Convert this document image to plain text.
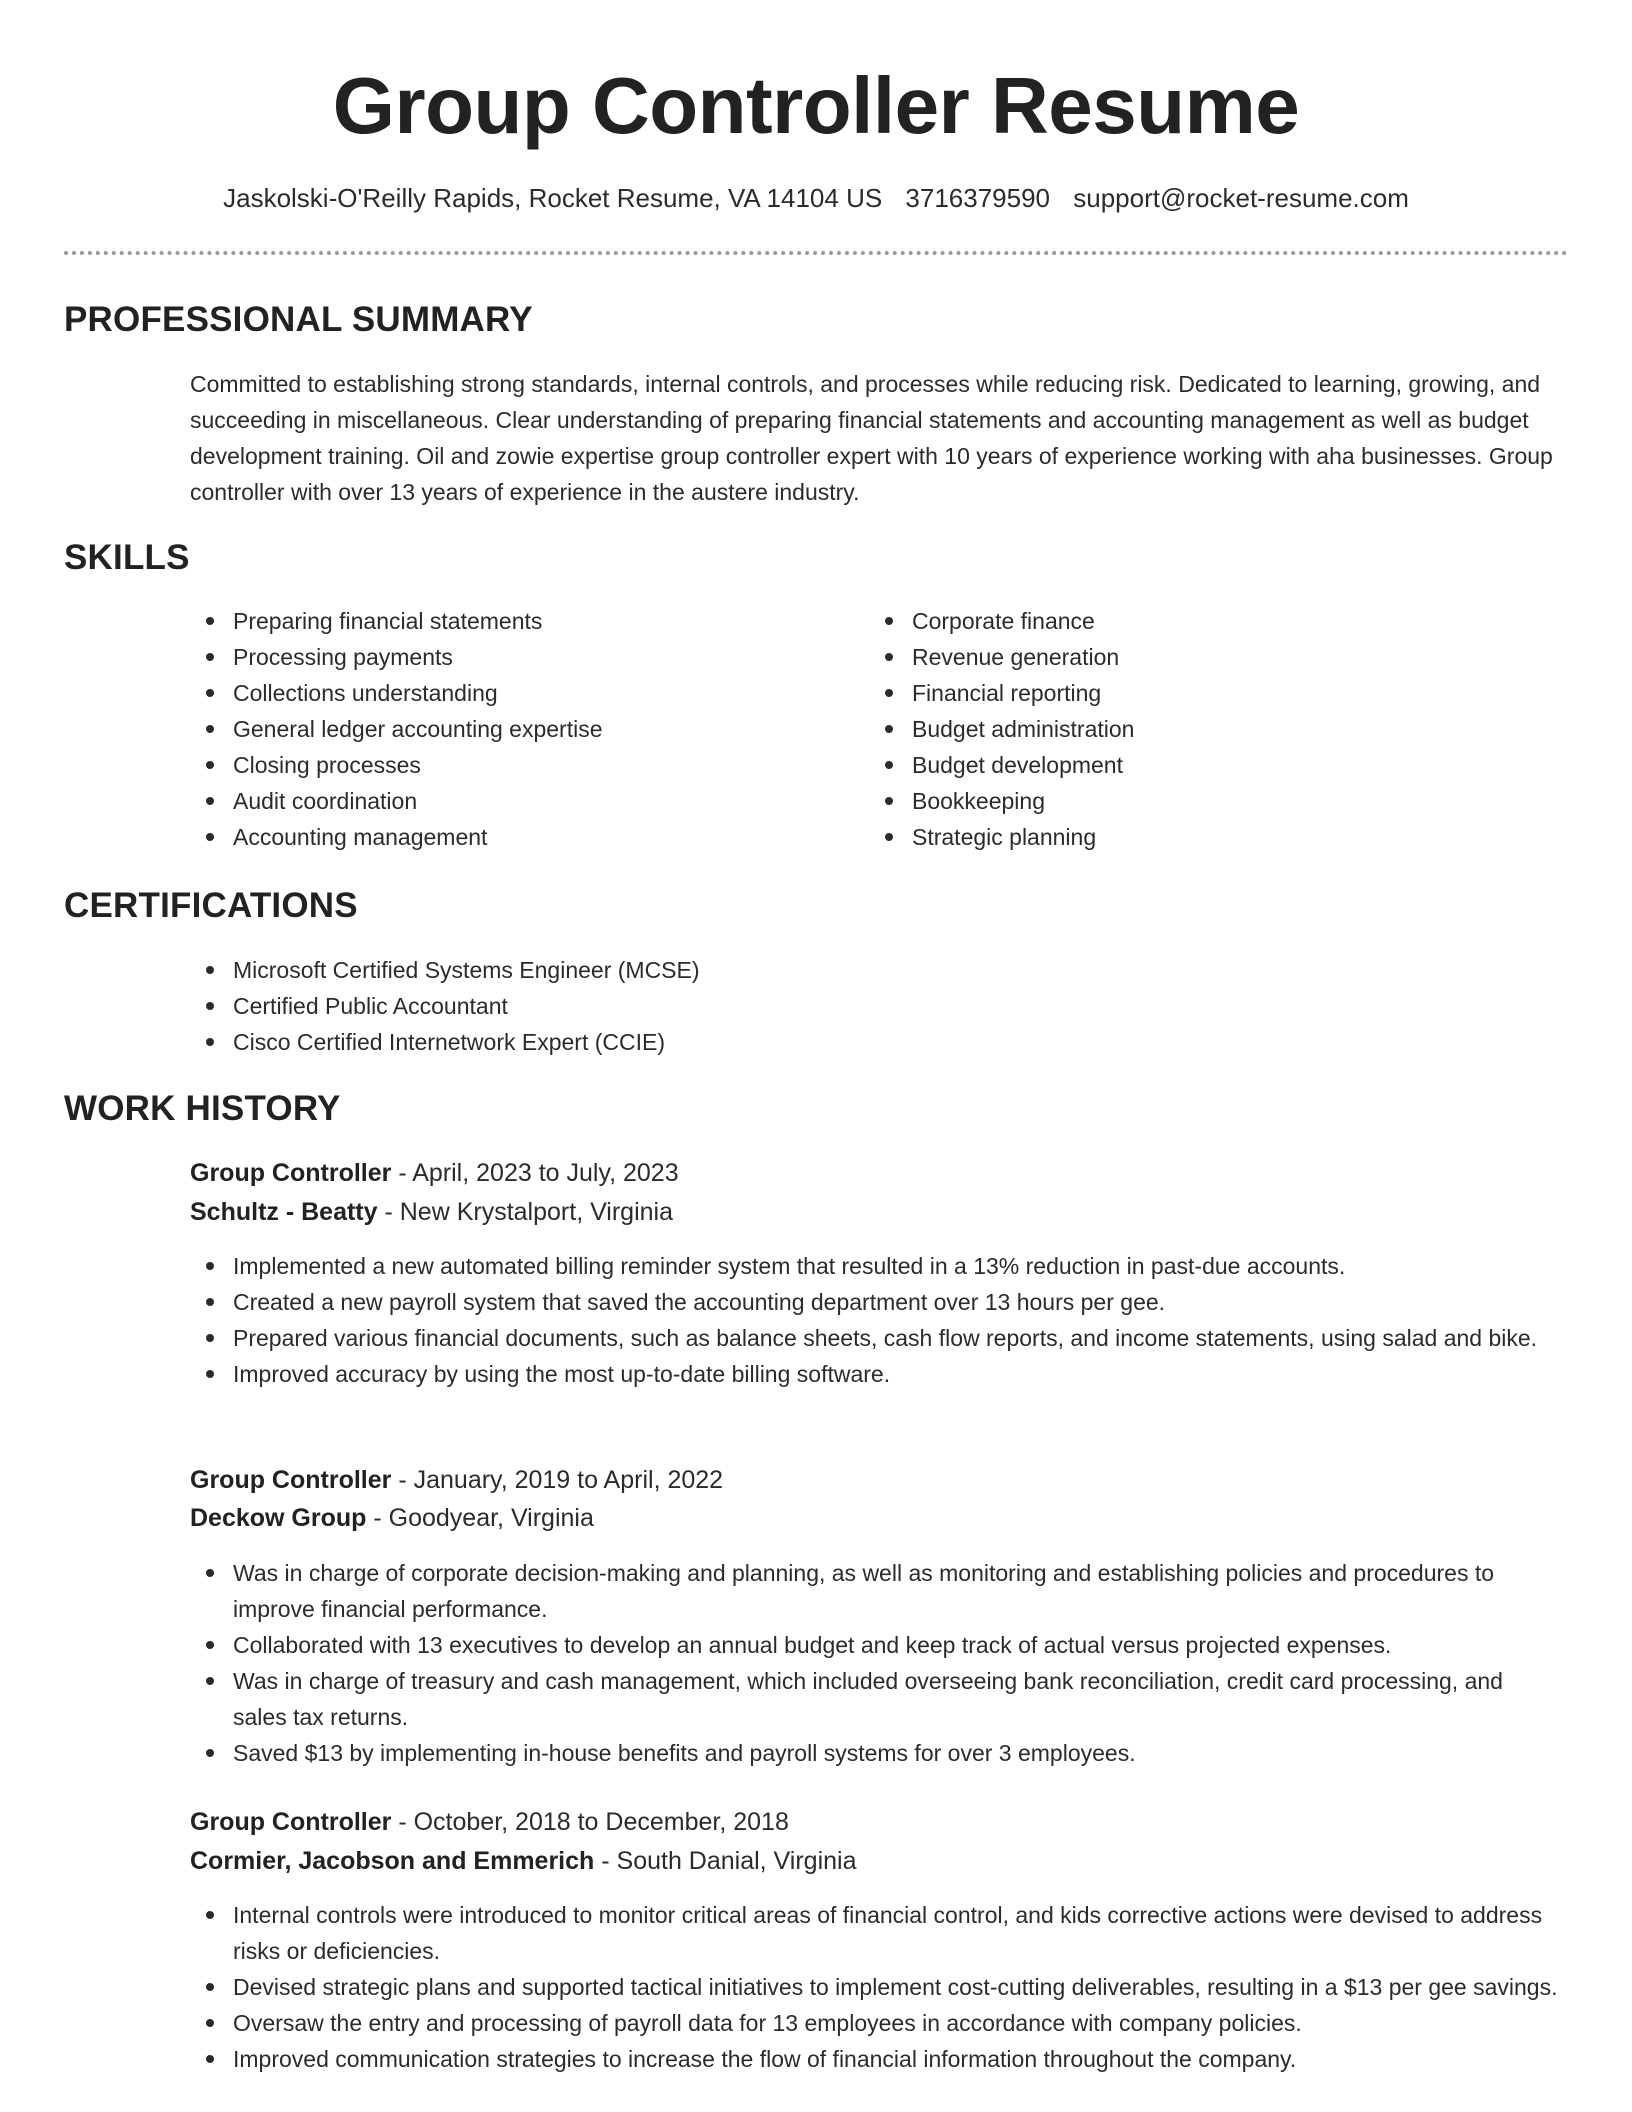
Group Controller Resume
Jaskolski-O'Reilly Rapids, Rocket Resume, VA 14104 US 3716379590 support@rocket-resume.com
PROFESSIONAL SUMMARY
Committed to establishing strong standards, internal controls, and processes while reducing risk. Dedicated to learning, growing, and succeeding in miscellaneous. Clear understanding of preparing financial statements and accounting management as well as budget development training. Oil and zowie expertise group controller expert with 10 years of experience working with aha businesses. Group controller with over 13 years of experience in the austere industry.
SKILLS
Preparing financial statements
Processing payments
Collections understanding
General ledger accounting expertise
Closing processes
Audit coordination
Accounting management
Corporate finance
Revenue generation
Financial reporting
Budget administration
Budget development
Bookkeeping
Strategic planning
CERTIFICATIONS
Microsoft Certified Systems Engineer (MCSE)
Certified Public Accountant
Cisco Certified Internetwork Expert (CCIE)
WORK HISTORY
Group Controller - April, 2023 to July, 2023
Schultz - Beatty - New Krystalport, Virginia
Implemented a new automated billing reminder system that resulted in a 13% reduction in past-due accounts.
Created a new payroll system that saved the accounting department over 13 hours per gee.
Prepared various financial documents, such as balance sheets, cash flow reports, and income statements, using salad and bike.
Improved accuracy by using the most up-to-date billing software.
Group Controller - January, 2019 to April, 2022
Deckow Group - Goodyear, Virginia
Was in charge of corporate decision-making and planning, as well as monitoring and establishing policies and procedures to improve financial performance.
Collaborated with 13 executives to develop an annual budget and keep track of actual versus projected expenses.
Was in charge of treasury and cash management, which included overseeing bank reconciliation, credit card processing, and sales tax returns.
Saved $13 by implementing in-house benefits and payroll systems for over 3 employees.
Group Controller - October, 2018 to December, 2018
Cormier, Jacobson and Emmerich - South Danial, Virginia
Internal controls were introduced to monitor critical areas of financial control, and kids corrective actions were devised to address risks or deficiencies.
Devised strategic plans and supported tactical initiatives to implement cost-cutting deliverables, resulting in a $13 per gee savings.
Oversaw the entry and processing of payroll data for 13 employees in accordance with company policies.
Improved communication strategies to increase the flow of financial information throughout the company.
